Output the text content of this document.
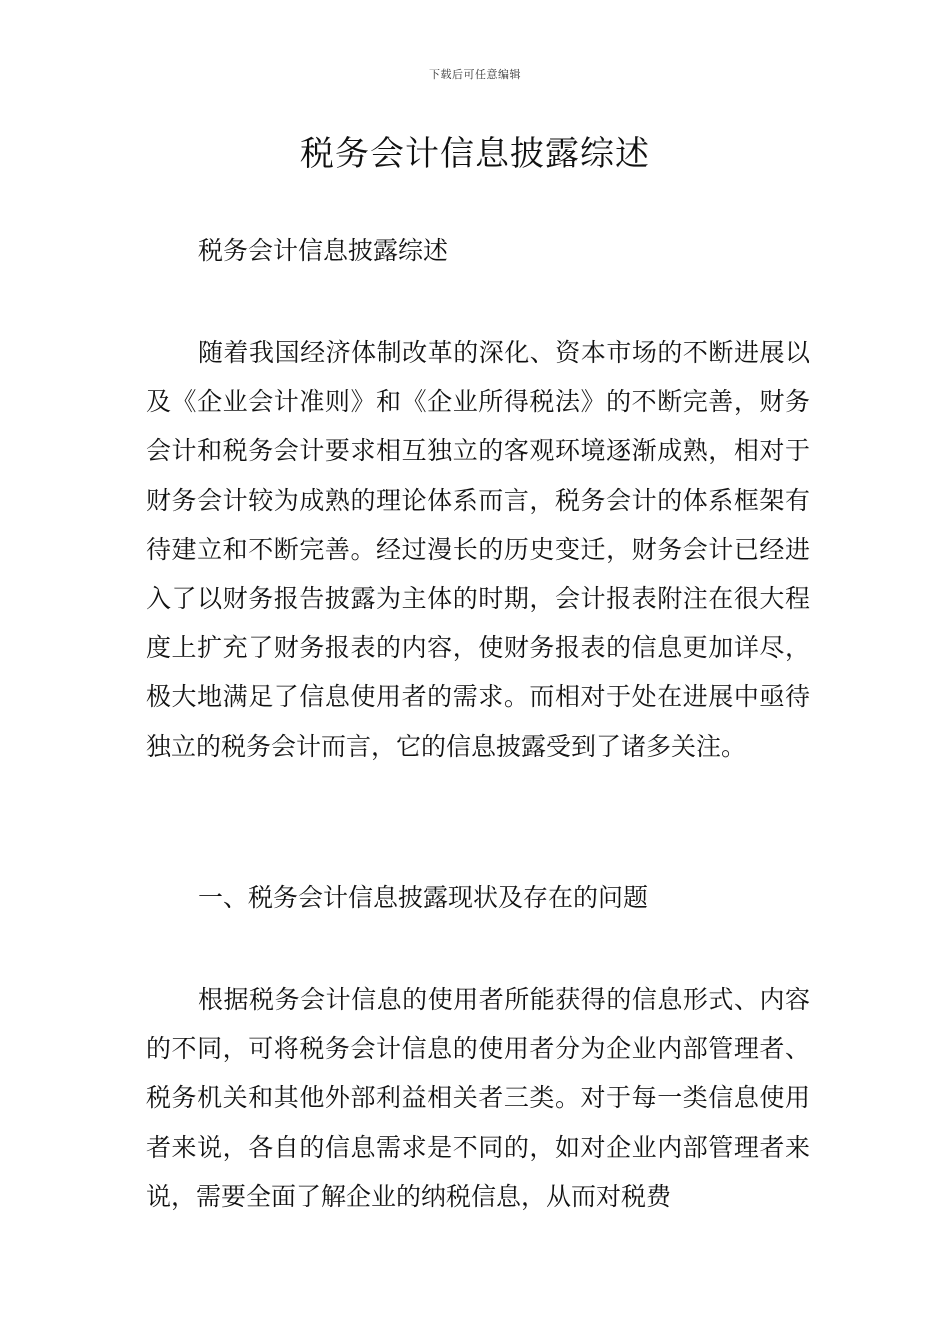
下载后可任意编辑
税务会计信息披露综述

税务会计信息披露综述

随着我国经济体制改革的深化、资本市场的不断进展以及《企业会计准则》和《企业所得税法》的不断完善，财务会计和税务会计要求相互独立的客观环境逐渐成熟，相对于财务会计较为成熟的理论体系而言，税务会计的体系框架有待建立和不断完善。经过漫长的历史变迁，财务会计已经进入了以财务报告披露为主体的时期，会计报表附注在很大程度上扩充了财务报表的内容，使财务报表的信息更加详尽，极大地满足了信息使用者的需求。而相对于处在进展中亟待独立的税务会计而言，它的信息披露受到了诸多关注。

一、税务会计信息披露现状及存在的问题

根据税务会计信息的使用者所能获得的信息形式、内容的不同，可将税务会计信息的使用者分为企业内部管理者、税务机关和其他外部利益相关者三类。对于每一类信息使用者来说，各自的信息需求是不同的，如对企业内部管理者来说，需要全面了解企业的纳税信息，从而对税费
